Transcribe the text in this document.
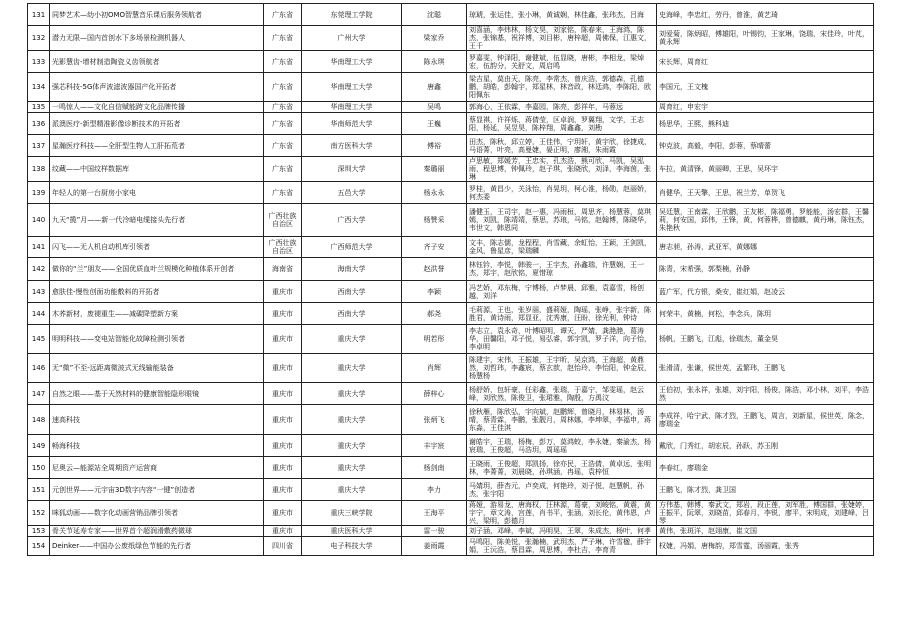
131	同梦艺术—幼小初OMO智慧音乐课后服务领航者	广东省	东莞理工学院	沈聪	琼琥，张运佳，张小琳，黄诚娴，林佳鑫，张玮杰，吕海	史海峰，李忠红，劳丹，曾淮，黄艺琦
132	潜力无限—国内首创水下多场景检测机器人	广东省	广州大学	梁家乔	刘喜涵，李炜林，杨文昊，刘家铭，陈春来，王海鸿，陈杰，张锦基，祝祥博，刘目彬，唐梓超，周佛保，江惠文，王千	刘爱菊，陈炳昭，傅雄阳，叶锡钧，王家琳，饶瑞，宋佳玲，叶芃，黄永辉
133	光影慧齿-增材制造陶瓷义齿领航者	广东省	华南理工大学	陈永琪	罗嘉雯，钟泽阳，谢健斌，伍显晓，唐彬，李相龙，梁焯宏，伍韵分，关舒文，周启鸣	宋长辉，周育红
134	强芯科技-5G体声波滤波器国产化开拓者	广东省	华南理工大学	唐鑫	梁吉星，莫由天，陈亮，李常杰，曾庆浩，郭德森，孔德鹏，胡皓，彭翰宇，郑星林，林音政，林廷鸿，李陈阳，欧阳佩东	李国元，王文槐
135	一鸣惊人——文化自信赋能跨文化品牌传播	广东省	华南理工大学	吴鸣	郭海心，王依霖，李嘉园，陈亮，彭祥年，马蓉远	周育红，申宏宇
136	派澳医疗-新型精准影像诊断技术的开拓者	广东省	华南师范大学	王巍	蔡显祺，许祥烁，蒋倩莹，区卓润，罗翼翔，文学，王志阳，杨延，吴昱昊，陈梓翔，周鑫鑫，刘勘	杨思华，王熙，熊科迪
137	星瀚医疗科技——全肝型生物人工肝拓荒者	广东省	南方医科大学	傅裕	田杰，陈秋，邱立婷，王佳伟，宁玥轩，黄宇欣，徐捷成，马语菁，叶亮，高曼婕，晏正明，廖湘，朱雨霞	钟克波，高毅，李阳，彭蓉，蔡晴蕾
138	纹藏——中国纹样数据库	广东省	深圳大学	秦璐丽	卢思敏，郑媛芳，王忠实，孔杰浩，熊可欣，马凯，吴泓雨，程思博，钟佩玲，赵子琪，张晓欣，刘泽，李海茵，张琳	车拉，黄清锋，黄丽卿，王思，吴环宇
139	年轻人的第一台厨房小家电	广东省	五邑大学	杨永永	罗桂，黄昌少，关泳怡，肖晃玥，柯心淮，杨勋，赵丽娇，何杰委	肖健华，王天擎，王思，祝兰芳，单贺飞
140	九天“揽”月——新一代冷暗电缆接头先行者	广西壮族自治区	广西大学	杨赞采	潘健玉，王司宇，赵一惠，冯雨桓，周思齐，杨慧蓉，莫琪嫣，刘凯，陈靖靖，蔡思，苏琅，马铭，赵翰博，陈晓华，韦世文，韩恩同	吴廷慧，王南霖，王欣鹏，王友彬，陈福勇，罗能能，汤宏群，王馨莉，何安国，邱伟，王锋，黄，何蓉桦，曾德麒，黄丹琳，陈钰杰，朱艳秋
141	闪飞——无人机自动机库引领者	广西壮族自治区	广西师范大学	齐子安	文丰，陈志儒，龙程程，肖雪藏，余虹怡，王颖，王剑凯，金风，鲁星彦，梁瑞麟	唐志昶，孙涛，武亚军，黄娜娜
142	做你的“兰”朋友——全国优质血叶兰规模化种植体系开创者	海南省	海南大学	赵洪誉	林钰钤，李悦，韩骏一，王宇杰，孙鑫瑞，许慧娴，王一杰，郑宇，赵欣铭，夏惜琼	陈青，宋希强，郭梨楠，孙静
143	愈肤佳-慢性创面功能敷料的开拓者	重庆市	西南大学	李颖	冯艺娇，邓东梅，宁博杨，卢梦晨，邱雅，袁嘉雪，杨创越，刘洋	蓝广军，代方银，桑安，崔红娟，赵凌云
144	木荞新材，废褪重生——减碳降塑新方案	重庆市	西南大学	郝尧	毛莉源，王也，张岁丽，盛莉娅，陶瑶，张峥，张宇新，陈胜君，黄诗雨，郑显亚，沈秀康，汪盼，徐光利，钟诗	何荣丰，黄楠，何松，李念兵，陈玥
145	明明科技——变电站智能化故障检测引领者	重庆市	重庆大学	明若彤	李志立，袁永奇，叶博昭明，谭天，严婧，龚滟滟，葛涛华，田馨阳，邓子悦，易弘睿，郭宇凯，罗子洋，向子怡，李卓明	杨帆，王鹏飞，江彪，徐瑞杰，董金昊
146	无“微”不至-远距离微波式无线输能装备	重庆市	重庆大学	肖辉	陈建宇，宋伟，王振雄，王宇昕，吴京鸿，王海超，黄鼎然，刘哲玮，李鑫宸，蔡玄歆，赵怡玲，李怡阳，钟金辰，杨慧杨	张滑清，张谦，侯世英，孟繁玮，王鹏飞
147	自然之眼——基于天然材料的健康智能隐形眼镜	重庆市	重庆大学	薛梓心	杨舒娇，包轩豪，任彩鑫，张瑞，于嘉宁，邹雯瑶，赵云峰，刘欣然，陈俊卫，张珺雅，陶殷，方禹汶	王伯初，张永祥，张雄，刘宇阳，杨俊，陈浩，邓小林，刘平，李浩然
148	速高科技	重庆市	重庆大学	张炳飞	徐秋雁，陈欣弘，宇向斌，赵鹏辉，曾晓月，林易林，汤晴，蔡青霖，李鹏，张靓月，周林娜，李坤翠，李福申，蒋东淼，王佳淇	李成祥，哈宁武，陈才烈，王鹏飞，周言，刘新星，侯世英，陈念，廖瑞金
149	畅海科技	重庆市	重庆大学	丰宇宸	谢皓宇，王瑞，杨梅，彭万，莫鸿蛟，李永婕，秦渝杰，杨宸瑞，王俊超，马浩玥，周瑶瑶	戴欣，门秀红，胡宏辰，孙跃，苏玉刚
150	尼奥云—能源站全周期资产运营商	重庆市	重庆大学	杨剑南	王晓雨，王俊超，郑凯扬，徐亦民，王浩倩，黄卓远，张明林，李菁菁，刘晨晓，孙琪涵，冉瑶，袁梓恒	李春红，廖瑞金
151	元创世界——元宇宙3D数字内容“一键”创造者	重庆市	重庆大学	李力	马婧玥，薛杏元，卢奕成，何艳玲，刘子悦，赵慧帆，孙杰，张宇阳	王鹏飞，陈才烈，龚卫国
152	咪狐动画——数字化动画营销品牌引领者	重庆市	重庆三峡学院	王海平	蒋娅，游易龙，唐海权，汪林源，葛豪，刘峻铭，黄震，黄宇宁，章文涛，宫莲，肖书平，张涵，刘长伦，黄伟恩，卢兴，梁明，彭德月	方伟基，韩博，秦武文，郑岩，段正莲，刘军胜，傅国群，张婕婷，王振平，阮翠，刘晓苗，邱春月，李锐，廖平，宋明成，刘建峰，吕琴
153	骨关节延寿专家——世界首个超润滑敷药微球	重庆市	重庆医科大学	雷一骏	刘子涵，邓峰，李斌，冯明昊，王翠，朱成杰，杨叶，何孝	黄伟，张斑洋，赵翊康，崔文国
154	Deinker——中国办公废纸绿色节能的先行者	四川省	电子科技大学	姜雨霞	马鸣阳，陈美悦，张瀚楠，武玥杰，严子琳，许雪楹，薛宇娟，王沅浩，蔡昌霖，周思博，李杜吉，李育青	权婕，冯娟，唐梅韵，郑雪霆，汤丽霞，张秀
